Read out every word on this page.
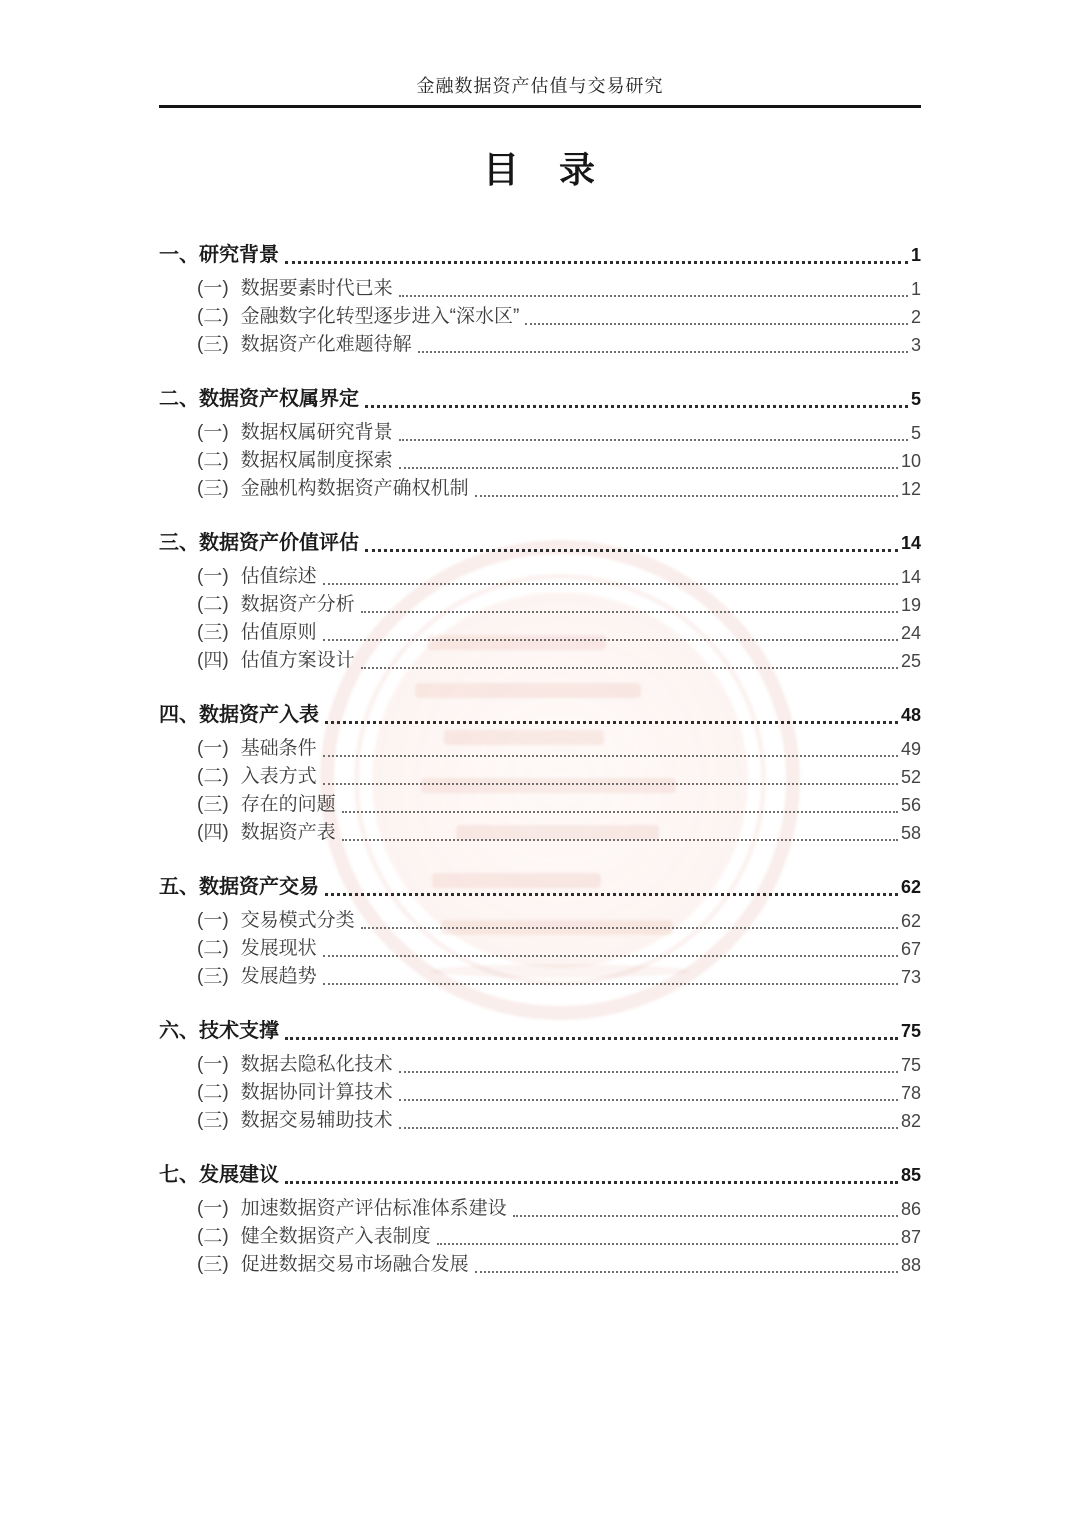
金融数据资产估值与交易研究
目　录
一、 研究背景	1
(一) 数据要素时代已来	1
(二) 金融数字化转型逐步进入“深水区”	2
(三) 数据资产化难题待解	3
二、 数据资产权属界定	5
(一) 数据权属研究背景	5
(二) 数据权属制度探索	10
(三) 金融机构数据资产确权机制	12
三、 数据资产价值评估	14
(一) 估值综述	14
(二) 数据资产分析	19
(三) 估值原则	24
(四) 估值方案设计	25
四、 数据资产入表	48
(一) 基础条件	49
(二) 入表方式	52
(三) 存在的问题	56
(四) 数据资产表	58
五、 数据资产交易	62
(一) 交易模式分类	62
(二) 发展现状	67
(三) 发展趋势	73
六、 技术支撑	75
(一) 数据去隐私化技术	75
(二) 数据协同计算技术	78
(三) 数据交易辅助技术	82
七、 发展建议	85
(一) 加速数据资产评估标准体系建设	86
(二) 健全数据资产入表制度	87
(三) 促进数据交易市场融合发展	88
